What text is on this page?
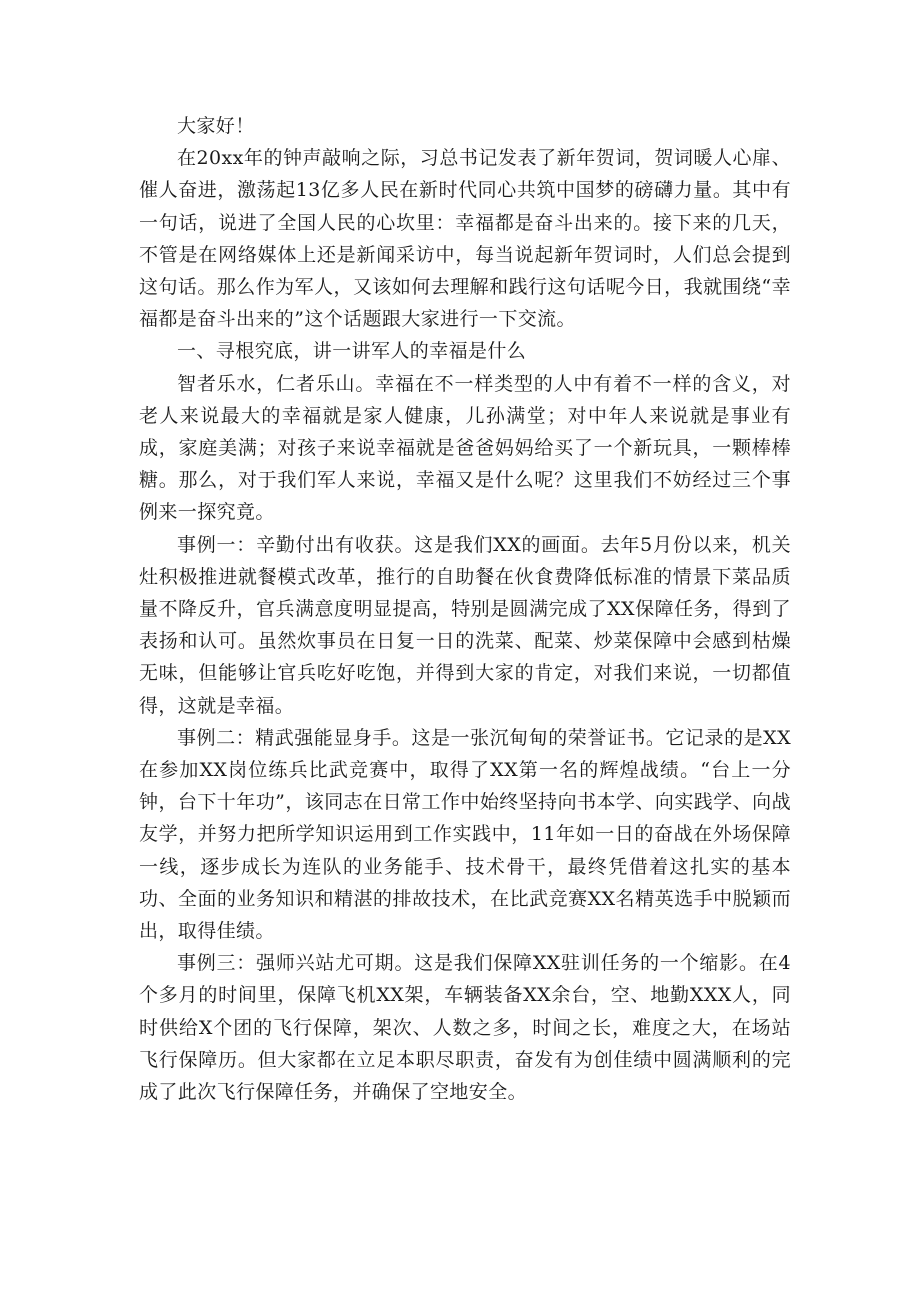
大家好！

在20xx年的钟声敲响之际，习总书记发表了新年贺词，贺词暖人心扉、催人奋进，激荡起13亿多人民在新时代同心共筑中国梦的磅礴力量。其中有一句话，说进了全国人民的心坎里：幸福都是奋斗出来的。接下来的几天，不管是在网络媒体上还是新闻采访中，每当说起新年贺词时，人们总会提到这句话。那么作为军人，又该如何去理解和践行这句话呢今日，我就围绕“幸福都是奋斗出来的”这个话题跟大家进行一下交流。

一、寻根究底，讲一讲军人的幸福是什么

智者乐水，仁者乐山。幸福在不一样类型的人中有着不一样的含义，对老人来说最大的幸福就是家人健康，儿孙满堂；对中年人来说就是事业有成，家庭美满；对孩子来说幸福就是爸爸妈妈给买了一个新玩具，一颗棒棒糖。那么，对于我们军人来说，幸福又是什么呢？这里我们不妨经过三个事例来一探究竟。

事例一：辛勤付出有收获。这是我们XX的画面。去年5月份以来，机关灶积极推进就餐模式改革，推行的自助餐在伙食费降低标准的情景下菜品质量不降反升，官兵满意度明显提高，特别是圆满完成了XX保障任务，得到了表扬和认可。虽然炊事员在日复一日的洗菜、配菜、炒菜保障中会感到枯燥无味，但能够让官兵吃好吃饱，并得到大家的肯定，对我们来说，一切都值得，这就是幸福。

事例二：精武强能显身手。这是一张沉甸甸的荣誉证书。它记录的是XX在参加XX岗位练兵比武竞赛中，取得了XX第一名的辉煌战绩。“台上一分钟，台下十年功”，该同志在日常工作中始终坚持向书本学、向实践学、向战友学，并努力把所学知识运用到工作实践中，11年如一日的奋战在外场保障一线，逐步成长为连队的业务能手、技术骨干，最终凭借着这扎实的基本功、全面的业务知识和精湛的排故技术，在比武竞赛XX名精英选手中脱颖而出，取得佳绩。

事例三：强师兴站尤可期。这是我们保障XX驻训任务的一个缩影。在4个多月的时间里，保障飞机XX架，车辆装备XX余台，空、地勤XXX人，同时供给X个团的飞行保障，架次、人数之多，时间之长，难度之大，在场站飞行保障历。但大家都在立足本职尽职责，奋发有为创佳绩中圆满顺利的完成了此次飞行保障任务，并确保了空地安全。
